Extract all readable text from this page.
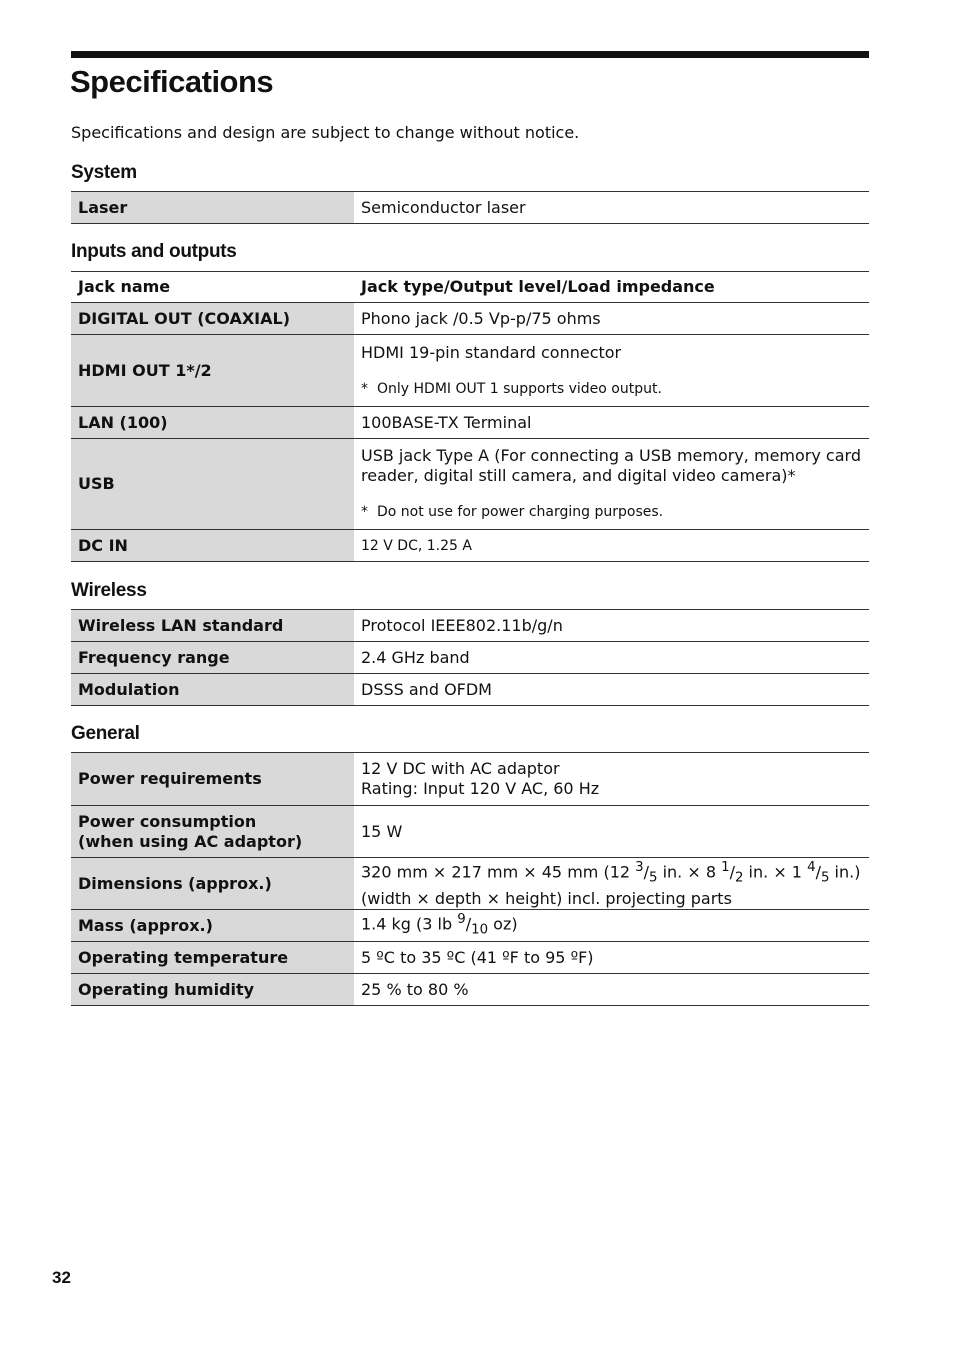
Specifications

Specifications and design are subject to change without notice.

System
Laser	Semiconductor laser
Inputs and outputs
Jack name	Jack type/Output level/Load impedance
DIGITAL OUT (COAXIAL)	Phono jack /0.5 Vp-p/75 ohms
HDMI OUT 1*/2	HDMI 19-pin standard connector
* Only HDMI OUT 1 supports video output.

LAN (100)	100BASE-TX Terminal
USB	USB jack Type A (For connecting a USB memory, memory card reader, digital still camera, and digital video camera)*
* Do not use for power charging purposes.

DC IN	12 V DC, 1.25 A
Wireless
Wireless LAN standard	Protocol IEEE802.11b/g/n
Frequency range	2.4 GHz band
Modulation	DSSS and OFDM
General
Power requirements	12 V DC with AC adaptor
Rating: Input 120 V AC, 60 Hz

Power consumption
(when using AC adaptor)	15 W
Dimensions (approx.)	320 mm × 217 mm × 45 mm (12 $^3/_5$ in. × 8 $^1/_2$ in. × 1 $^4/_5$ in.)
(width × depth × height) incl. projecting parts

Mass (approx.)	1.4 kg (3 lb $^9/_{10}$ oz)
Operating temperature	5 ºC to 35 ºC (41 ºF to 95 ºF)
Operating humidity	25 % to 80 %

32
